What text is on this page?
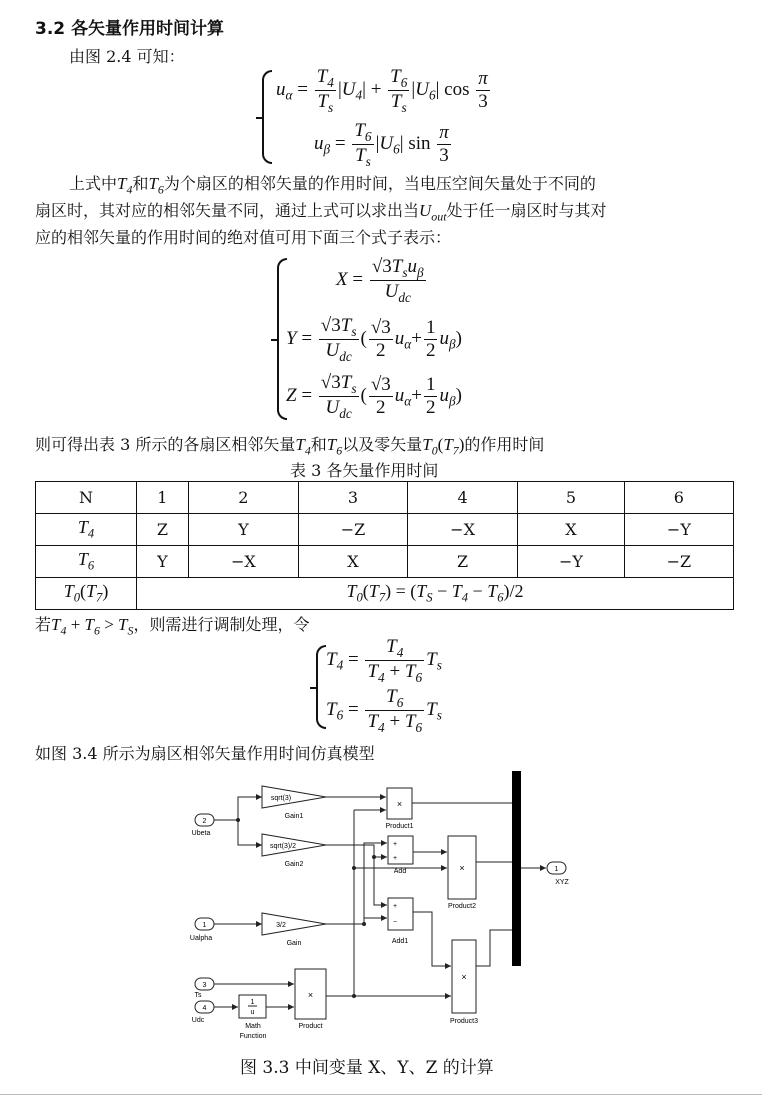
3.2 各矢量作用时间计算
由图 2.4 可知：
$u_\alpha = \frac{T_4}{T_s} |U_4| + \frac{T_6}{T_s} |U_6|$ $\cos \frac{\pi}{3}$
$u_\beta = \frac{T_6}{T_s} |U_6|$ $\sin \frac{\pi}{3}$
上式中$T_4$和$T_6$为个扇区的相邻矢量的作用时间，当电压空间矢量处于不同的
扇区时，其对应的相邻矢量不同，通过上式可以求出当$U_{out}$处于任一扇区时与其对
应的相邻矢量的作用时间的绝对值可用下面三个式子表示：
$X = \frac{√3T_su_\beta}{U_{dc}}$
$Y = \frac{√3T_s}{U_{dc}}$ ( $\frac{√3}{2} u_\alpha+ \frac{1}{2} u_\beta$)
$Z = \frac{√3T_s}{U_{dc}}$ ( $\frac{√3}{2} u_\alpha+ \frac{1}{2} u_\beta$)
则可得出表 3 所示的各扇区相邻矢量$T_4$和$T_6$以及零矢量$T_0(T_7)$的作用时间
表 3 各矢量作用时间
N	1	2	3	4	5	6
$T_4$	Z	Y	−Z	−X	X	−Y
$T_6$	Y	−X	X	Z	−Y	−Z
$T_0(T_7)$	$T_0(T_7) = (T_S - T_4 - T_6)/2$					
若$T_4 + T_6 > T_S$，则需进行调制处理，令
$T_4 = \frac{T_4}{T_4 + T_6} T_s$
$T_6 = \frac{T_6}{T_4 + T_6} T_s$
如图 3.4 所示为扇区相邻矢量作用时间仿真模型
2
Ubeta
1
Ualpha
3
Ts
4
Udc
sqrt(3)
Gain1
sqrt(3)/2
Gain2
3/2
Gain
×
Product1
×
Product2
×
Product3
×
Product
+
+
Add
+
−
Add1
1
u
Math
Function
1
XYZ
图 3.3 中间变量 X、Y、Z 的计算
